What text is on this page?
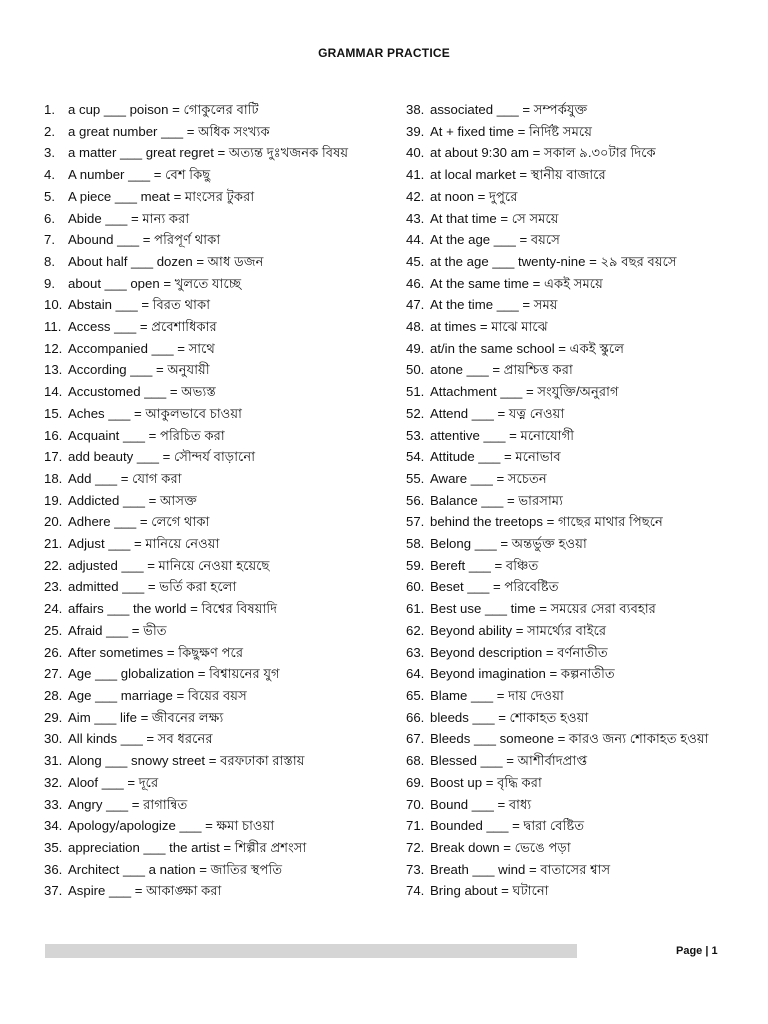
GRAMMAR PRACTICE
1. a cup ___ poison = গোকুলের বাটি
2. a great number ___ = অধিক সংখ্যক
3. a matter ___ great regret = অত্যন্ত দুঃখজনক বিষয়
4. A number ___ = বেশ কিছু
5. A piece ___ meat = মাংসের টুকরা
6. Abide ___ = মান্য করা
7. Abound ___ = পরিপূর্ণ থাকা
8. About half ___ dozen = আধ ডজন
9. about ___ open = খুলতে যাচ্ছে
10. Abstain ___ = বিরত থাকা
11. Access ___ = প্রবেশাধিকার
12. Accompanied ___ = সাথে
13. According ___ = অনুযায়ী
14. Accustomed ___ = অভ্যস্ত
15. Aches ___ = আকুলভাবে চাওয়া
16. Acquaint ___ = পরিচিত করা
17. add beauty ___ = সৌন্দর্য বাড়ানো
18. Add ___ = যোগ করা
19. Addicted ___ = আসক্ত
20. Adhere ___ = লেগে থাকা
21. Adjust ___ = মানিয়ে নেওয়া
22. adjusted ___ = মানিয়ে নেওয়া হয়েছে
23. admitted ___ = ভর্তি করা হলো
24. affairs ___ the world = বিশ্বের বিষয়াদি
25. Afraid ___ = ভীত
26. After sometimes = কিছুক্ষণ পরে
27. Age ___ globalization = বিশ্বায়নের যুগ
28. Age ___ marriage = বিয়ের বয়স
29. Aim ___ life = জীবনের লক্ষ্য
30. All kinds ___ = সব ধরনের
31. Along ___ snowy street = বরফঢাকা রাস্তায়
32. Aloof ___ = দূরে
33. Angry ___ = রাগান্বিত
34. Apology/apologize ___ = ক্ষমা চাওয়া
35. appreciation ___ the artist = শিল্পীর প্রশংসা
36. Architect ___ a nation = জাতির স্থপতি
37. Aspire ___ = আকাঙ্ক্ষা করা
38. associated ___ = সম্পর্কযুক্ত
39. At + fixed time = নির্দিষ্ট সময়ে
40. at about 9:30 am = সকাল ৯.৩০টার দিকে
41. at local market = স্থানীয় বাজারে
42. at noon = দুপুরে
43. At that time = সে সময়ে
44. At the age ___ = বয়সে
45. at the age ___ twenty-nine = ২৯ বছর বয়সে
46. At the same time = একই সময়ে
47. At the time ___ = সময়
48. at times = মাঝে মাঝে
49. at/in the same school = একই স্কুলে
50. atone ___ = প্রায়শ্চিত্ত করা
51. Attachment ___ = সংযুক্তি/অনুরাগ
52. Attend ___ = যত্ন নেওয়া
53. attentive ___ = মনোযোগী
54. Attitude ___ = মনোভাব
55. Aware ___ = সচেতন
56. Balance ___ = ভারসাম্য
57. behind the treetops = গাছের মাথার পিছনে
58. Belong ___ = অন্তর্ভুক্ত হওয়া
59. Bereft ___ = বঞ্চিত
60. Beset ___ = পরিবেষ্টিত
61. Best use ___ time = সময়ের সেরা ব্যবহার
62. Beyond ability = সামর্থ্যের বাইরে
63. Beyond description = বর্ণনাতীত
64. Beyond imagination = কল্পনাতীত
65. Blame ___ = দায় দেওয়া
66. bleeds ___ = শোকাহত হওয়া
67. Bleeds ___ someone = কারও জন্য শোকাহত হওয়া
68. Blessed ___ = আশীর্বাদপ্রাপ্ত
69. Boost up = বৃদ্ধি করা
70. Bound ___ = বাধ্য
71. Bounded ___ = দ্বারা বেষ্টিত
72. Break down = ভেঙে পড়া
73. Breath ___ wind = বাতাসের শ্বাস
74. Bring about = ঘটানো
Page | 1
